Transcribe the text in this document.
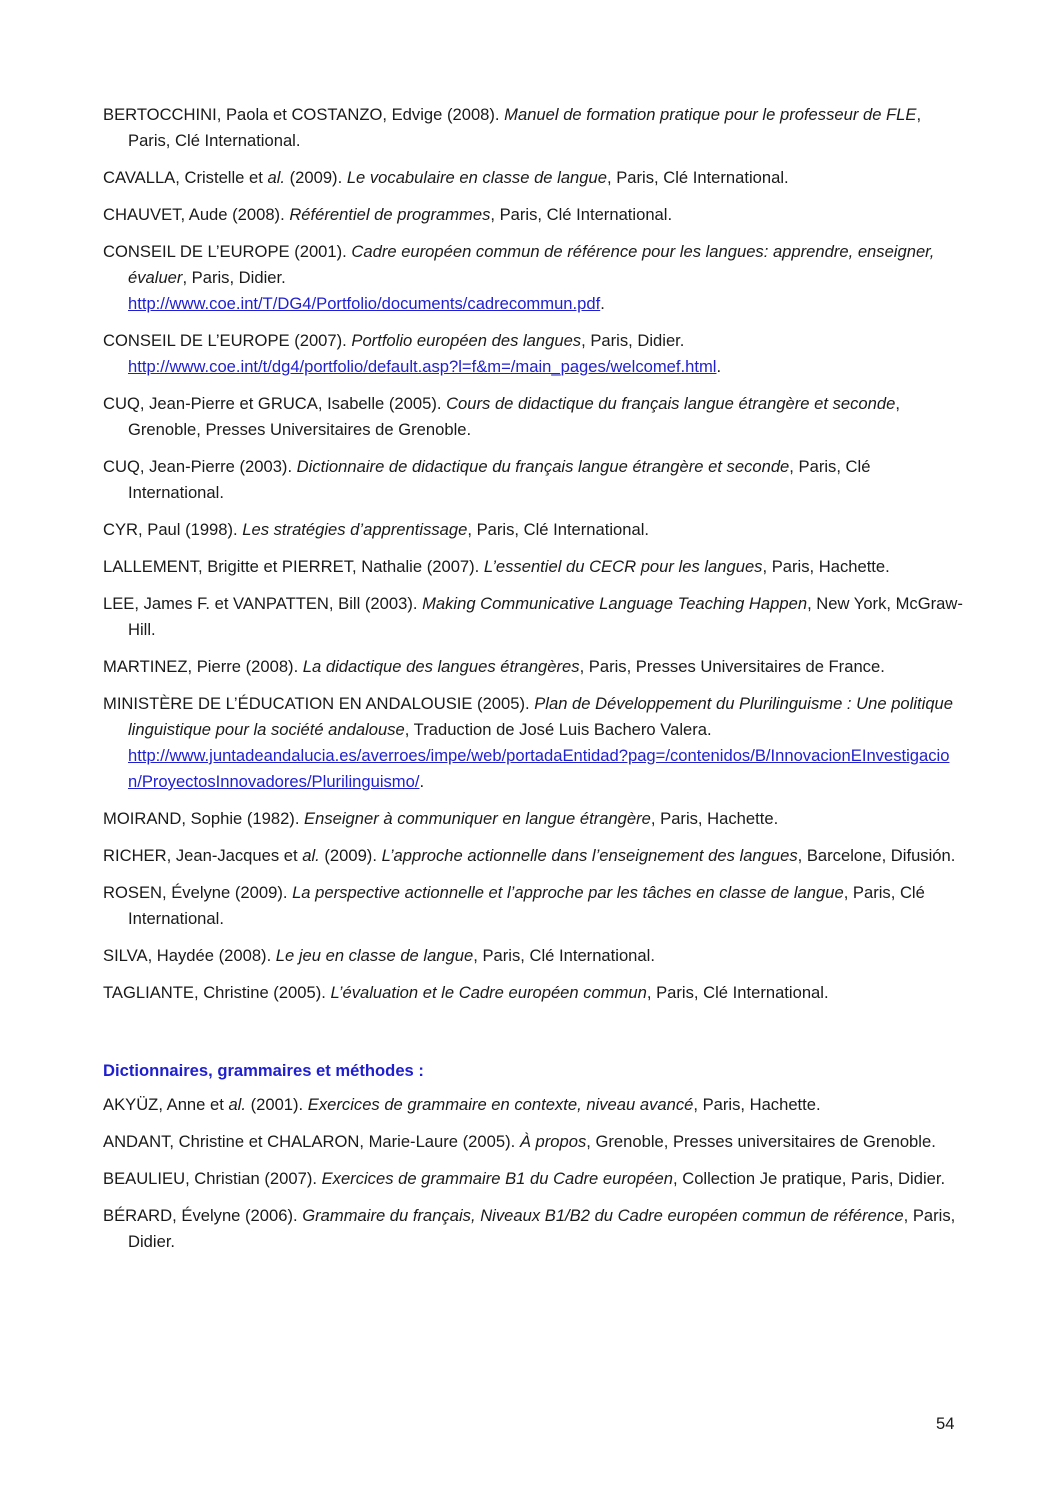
BERTOCCHINI, Paola et COSTANZO, Edvige (2008). Manuel de formation pratique pour le professeur de FLE, Paris, Clé International.

CAVALLA, Cristelle et al. (2009). Le vocabulaire en classe de langue, Paris, Clé International.

CHAUVET, Aude (2008). Référentiel de programmes, Paris, Clé International.

CONSEIL DE L’EUROPE (2001). Cadre européen commun de référence pour les langues: apprendre, enseigner, évaluer, Paris, Didier.
http://www.coe.int/T/DG4/Portfolio/documents/cadrecommun.pdf.

CONSEIL DE L’EUROPE (2007). Portfolio européen des langues, Paris, Didier.
http://www.coe.int/t/dg4/portfolio/default.asp?l=f&m=/main_pages/welcomef.html.

CUQ, Jean-Pierre et GRUCA, Isabelle (2005). Cours de didactique du français langue étrangère et seconde, Grenoble, Presses Universitaires de Grenoble.

CUQ, Jean-Pierre (2003). Dictionnaire de didactique du français langue étrangère et seconde, Paris, Clé International.

CYR, Paul (1998). Les stratégies d’apprentissage, Paris, Clé International.

LALLEMENT, Brigitte et PIERRET, Nathalie (2007). L’essentiel du CECR pour les langues, Paris, Hachette.

LEE, James F. et VANPATTEN, Bill (2003). Making Communicative Language Teaching Happen, New York, McGraw-Hill.

MARTINEZ, Pierre (2008). La didactique des langues étrangères, Paris, Presses Universitaires de France.

MINISTÈRE DE L’ÉDUCATION EN ANDALOUSIE (2005). Plan de Développement du Plurilinguisme : Une politique linguistique pour la société andalouse, Traduction de José Luis Bachero Valera.
http://www.juntadeandalucia.es/averroes/impe/web/portadaEntidad?pag=/contenidos/B/InnovacionEInvestigacion/ProyectosInnovadores/Plurilinguismo/.

MOIRAND, Sophie (1982). Enseigner à communiquer en langue étrangère, Paris, Hachette.

RICHER, Jean-Jacques et al. (2009). L’approche actionnelle dans l’enseignement des langues, Barcelone, Difusión.

ROSEN, Évelyne (2009). La perspective actionnelle et l’approche par les tâches en classe de langue, Paris, Clé International.

SILVA, Haydée (2008). Le jeu en classe de langue, Paris, Clé International.

TAGLIANTE, Christine (2005). L’évaluation et le Cadre européen commun, Paris, Clé International.

Dictionnaires, grammaires et méthodes :

AKYÜZ, Anne et al. (2001). Exercices de grammaire en contexte, niveau avancé, Paris, Hachette.

ANDANT, Christine et CHALARON, Marie-Laure (2005). À propos, Grenoble, Presses universitaires de Grenoble.

BEAULIEU, Christian (2007). Exercices de grammaire B1 du Cadre européen, Collection Je pratique, Paris, Didier.

BÉRARD, Évelyne (2006). Grammaire du français, Niveaux B1/B2 du Cadre européen commun de référence, Paris, Didier.

54
